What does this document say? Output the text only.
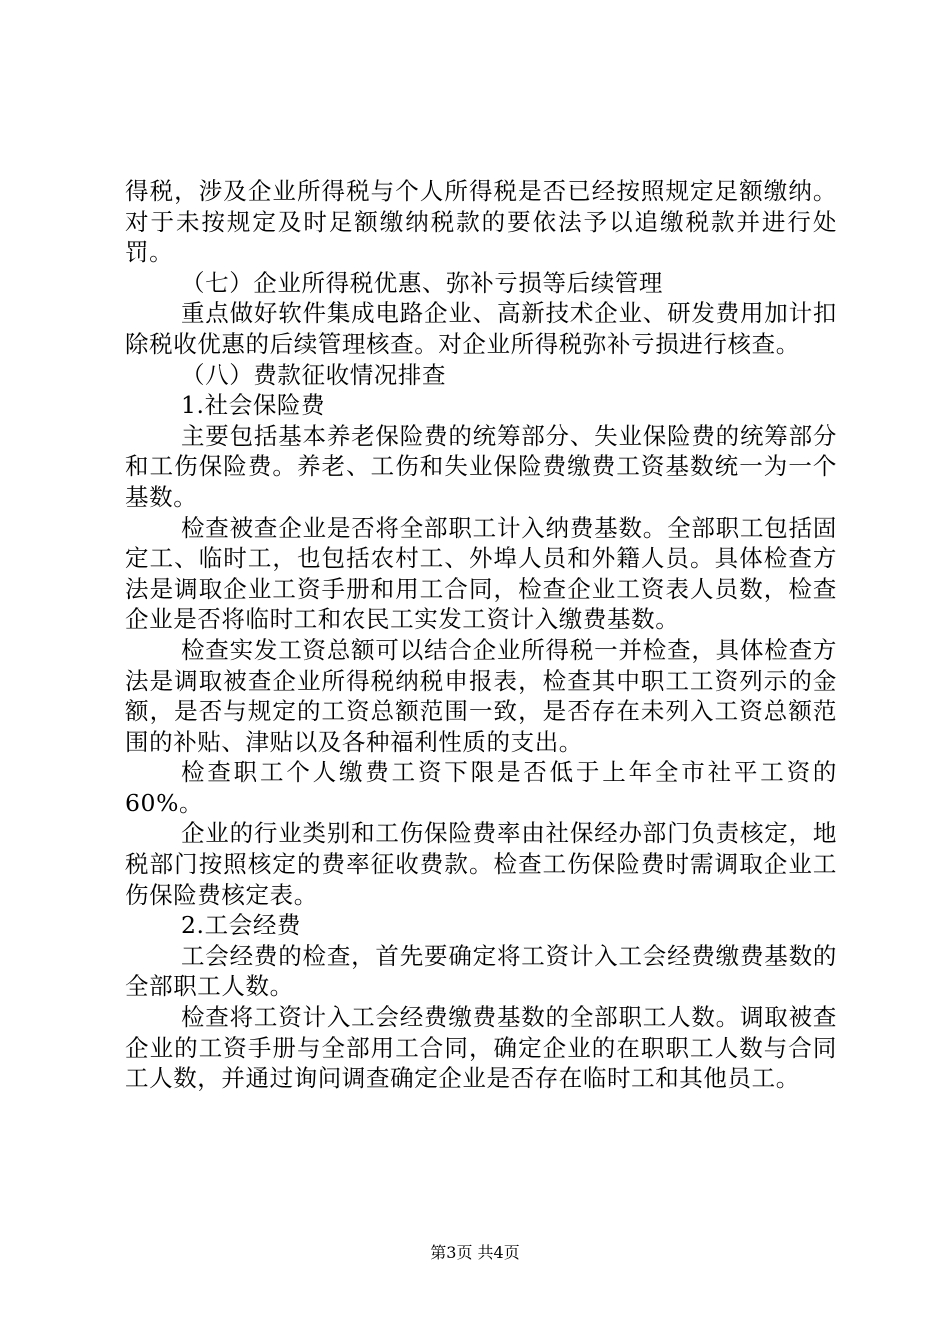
得税，涉及企业所得税与个人所得税是否已经按照规定足额缴纳。对于未按规定及时足额缴纳税款的要依法予以追缴税款并进行处罚。

（七）企业所得税优惠、弥补亏损等后续管理

重点做好软件集成电路企业、高新技术企业、研发费用加计扣除税收优惠的后续管理核查。对企业所得税弥补亏损进行核查。

（八）费款征收情况排查

1.社会保险费

主要包括基本养老保险费的统筹部分、失业保险费的统筹部分和工伤保险费。养老、工伤和失业保险费缴费工资基数统一为一个基数。

检查被查企业是否将全部职工计入纳费基数。全部职工包括固定工、临时工，也包括农村工、外埠人员和外籍人员。具体检查方法是调取企业工资手册和用工合同，检查企业工资表人员数，检查企业是否将临时工和农民工实发工资计入缴费基数。

检查实发工资总额可以结合企业所得税一并检查，具体检查方法是调取被查企业所得税纳税申报表，检查其中职工工资列示的金额，是否与规定的工资总额范围一致，是否存在未列入工资总额范围的补贴、津贴以及各种福利性质的支出。

检查职工个人缴费工资下限是否低于上年全市社平工资的60%。

企业的行业类别和工伤保险费率由社保经办部门负责核定，地税部门按照核定的费率征收费款。检查工伤保险费时需调取企业工伤保险费核定表。

2.工会经费

工会经费的检查，首先要确定将工资计入工会经费缴费基数的全部职工人数。

检查将工资计入工会经费缴费基数的全部职工人数。调取被查企业的工资手册与全部用工合同，确定企业的在职职工人数与合同工人数，并通过询问调查确定企业是否存在临时工和其他员工。

第3页 共4页
